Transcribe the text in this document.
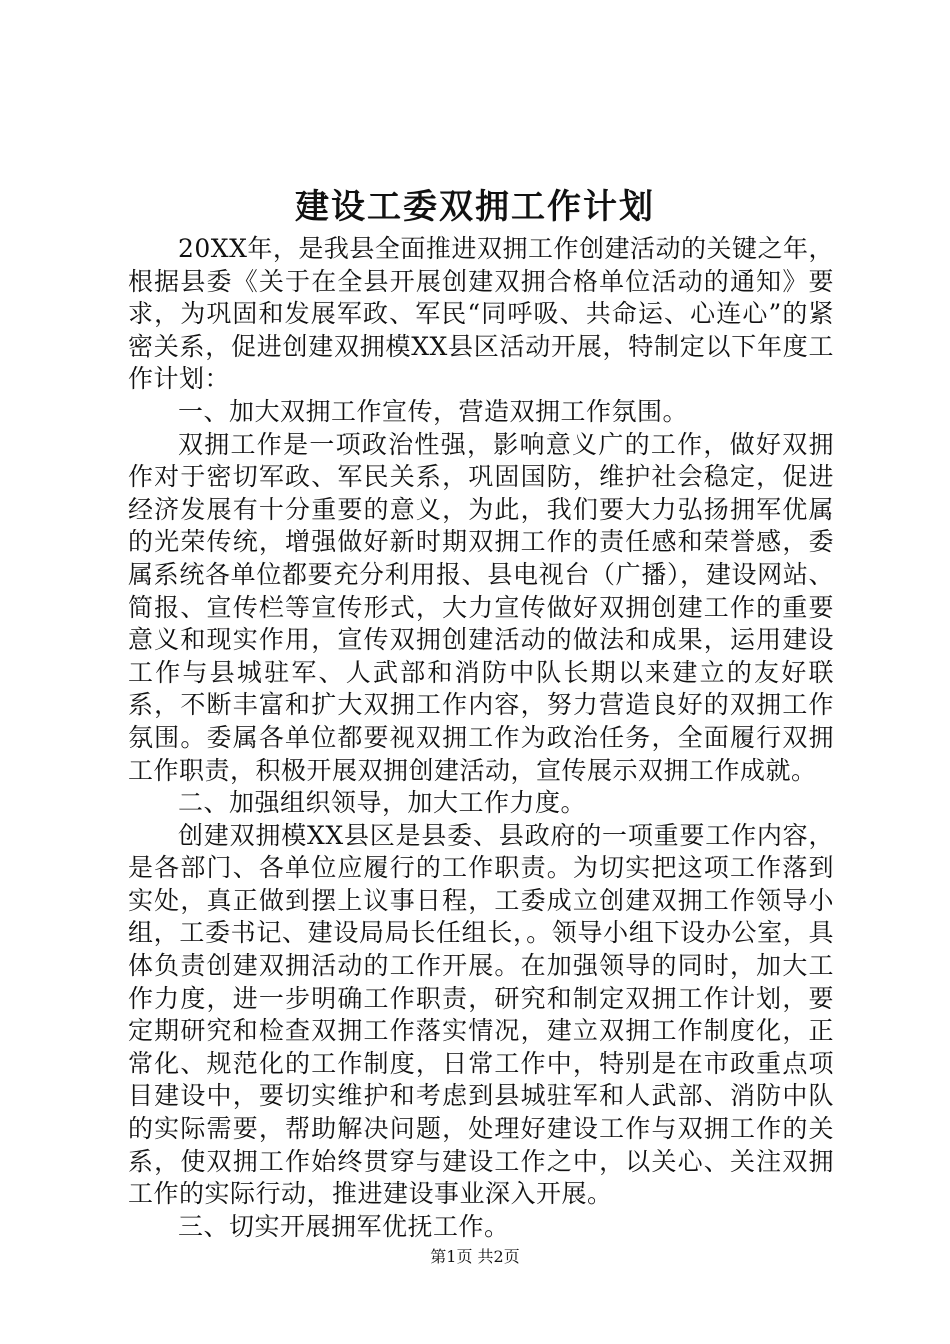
建设工委双拥工作计划

20XX年，是我县全面推进双拥工作创建活动的关键之年，根据县委《关于在全县开展创建双拥合格单位活动的通知》要求，为巩固和发展军政、军民“同呼吸、共命运、心连心”的紧密关系，促进创建双拥模XX县区活动开展，特制定以下年度工作计划：

一、加大双拥工作宣传，营造双拥工作氛围。

双拥工作是一项政治性强，影响意义广的工作，做好双拥作对于密切军政、军民关系，巩固国防，维护社会稳定，促进经济发展有十分重要的意义，为此，我们要大力弘扬拥军优属的光荣传统，增强做好新时期双拥工作的责任感和荣誉感，委属系统各单位都要充分利用报、县电视台（广播），建设网站、简报、宣传栏等宣传形式，大力宣传做好双拥创建工作的重要意义和现实作用，宣传双拥创建活动的做法和成果，运用建设工作与县城驻军、人武部和消防中队长期以来建立的友好联系，不断丰富和扩大双拥工作内容，努力营造良好的双拥工作氛围。委属各单位都要视双拥工作为政治任务，全面履行双拥工作职责，积极开展双拥创建活动，宣传展示双拥工作成就。

二、加强组织领导，加大工作力度。

创建双拥模XX县区是县委、县政府的一项重要工作内容，是各部门、各单位应履行的工作职责。为切实把这项工作落到实处，真正做到摆上议事日程，工委成立创建双拥工作领导小组，工委书记、建设局局长任组长，。领导小组下设办公室，具体负责创建双拥活动的工作开展。在加强领导的同时，加大工作力度，进一步明确工作职责，研究和制定双拥工作计划，要定期研究和检查双拥工作落实情况，建立双拥工作制度化，正常化、规范化的工作制度，日常工作中，特别是在市政重点项目建设中，要切实维护和考虑到县城驻军和人武部、消防中队的实际需要，帮助解决问题，处理好建设工作与双拥工作的关系，使双拥工作始终贯穿与建设工作之中，以关心、关注双拥工作的实际行动，推进建设事业深入开展。

三、切实开展拥军优抚工作。

第1页 共2页
